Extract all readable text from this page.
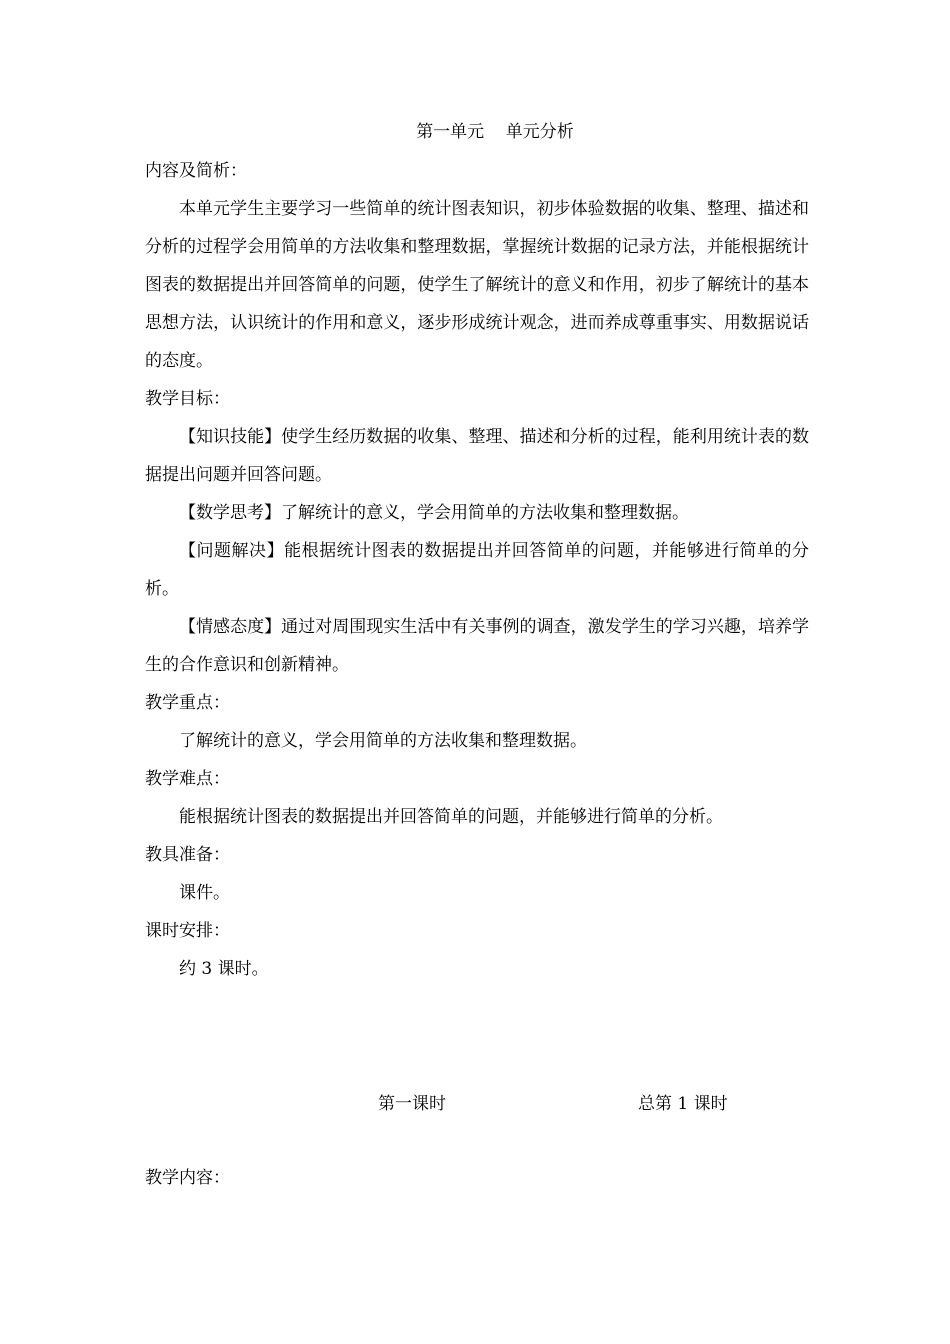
第一单元    单元分析

内容及简析：

本单元学生主要学习一些简单的统计图表知识，初步体验数据的收集、整理、描述和分析的过程学会用简单的方法收集和整理数据，掌握统计数据的记录方法，并能根据统计图表的数据提出并回答简单的问题，使学生了解统计的意义和作用，初步了解统计的基本思想方法，认识统计的作用和意义，逐步形成统计观念，进而养成尊重事实、用数据说话的态度。

教学目标：

【知识技能】使学生经历数据的收集、整理、描述和分析的过程，能利用统计表的数据提出问题并回答问题。

【数学思考】了解统计的意义，学会用简单的方法收集和整理数据。

【问题解决】能根据统计图表的数据提出并回答简单的问题，并能够进行简单的分析。

【情感态度】通过对周围现实生活中有关事例的调查，激发学生的学习兴趣，培养学生的合作意识和创新精神。

教学重点：

了解统计的意义，学会用简单的方法收集和整理数据。

教学难点：

能根据统计图表的数据提出并回答简单的问题，并能够进行简单的分析。

教具准备：

课件。

课时安排：

约 3 课时。

第一课时	总第 1 课时
教学内容：
